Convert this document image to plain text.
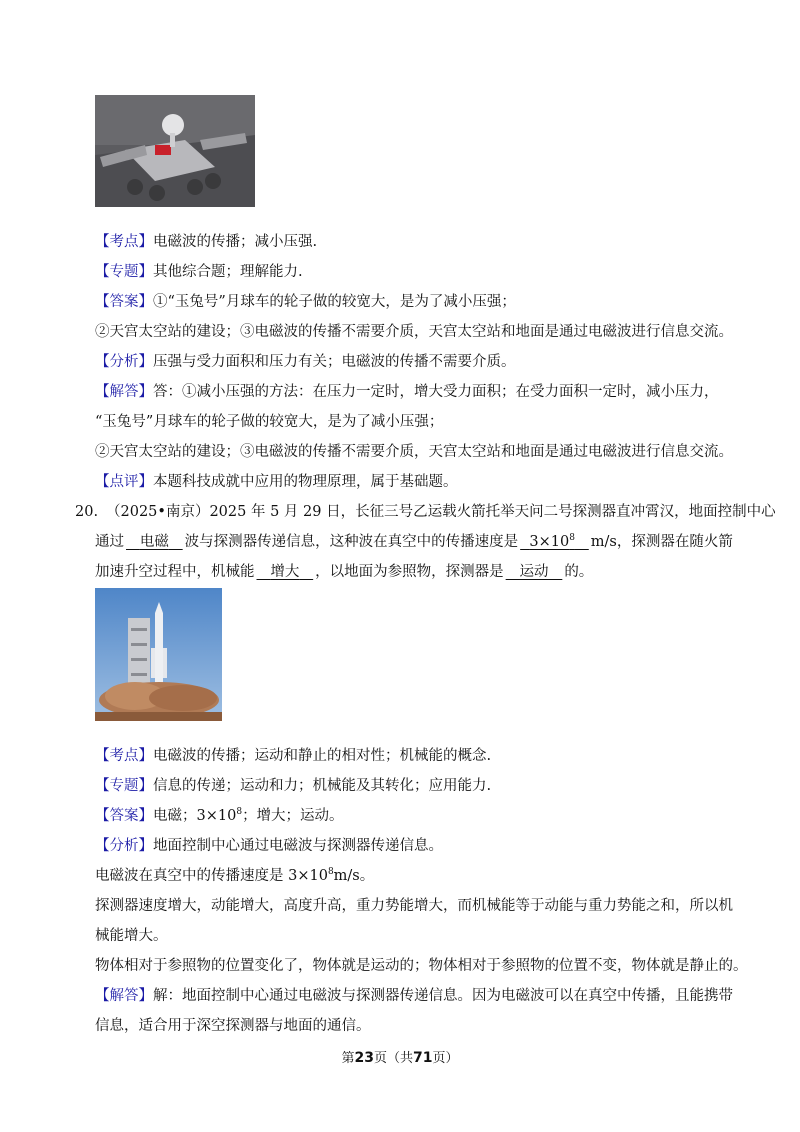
【考点】电磁波的传播；减小压强.
【专题】其他综合题；理解能力.
【答案】①“玉兔号”月球车的轮子做的较宽大，是为了减小压强；
②天宫太空站的建设；③电磁波的传播不需要介质，天宫太空站和地面是通过电磁波进行信息交流。
【分析】压强与受力面积和压力有关；电磁波的传播不需要介质。
【解答】答：①减小压强的方法：在压力一定时，增大受力面积；在受力面积一定时，减小压力，
“玉兔号”月球车的轮子做的较宽大，是为了减小压强；
②天宫太空站的建设；③电磁波的传播不需要介质，天宫太空站和地面是通过电磁波进行信息交流。
【点评】本题科技成就中应用的物理原理，属于基础题。
20. （2025•南京）2025 年 5 月 29 日，长征三号乙运载火箭托举天问二号探测器直冲霄汉，地面控制中心
通过 电磁 波与探测器传递信息，这种波在真空中的传播速度是 $3\times 10^8$ m/s，探测器在随火箭
加速升空过程中，机械能 增大 ，以地面为参照物，探测器是 运动 的。
【考点】电磁波的传播；运动和静止的相对性；机械能的概念.
【专题】信息的传递；运动和力；机械能及其转化；应用能力.
【答案】电磁；$3\times 10^8$；增大；运动。
【分析】地面控制中心通过电磁波与探测器传递信息。
电磁波在真空中的传播速度是 $3\times 10^8m/s$。
探测器速度增大，动能增大，高度升高，重力势能增大，而机械能等于动能与重力势能之和，所以机
械能增大。
物体相对于参照物的位置变化了，物体就是运动的；物体相对于参照物的位置不变，物体就是静止的。
【解答】解：地面控制中心通过电磁波与探测器传递信息。因为电磁波可以在真空中传播，且能携带
信息，适合用于深空探测器与地面的通信。
第23页（共71页）
